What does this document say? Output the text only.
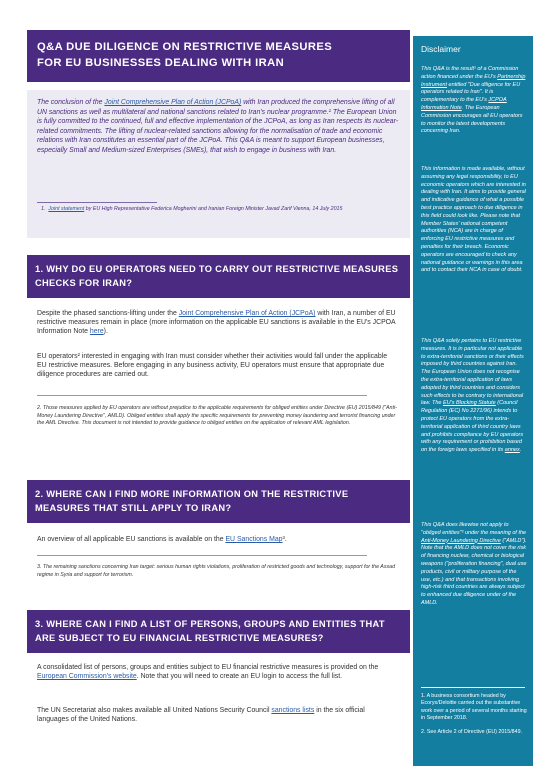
Q&A DUE DILIGENCE ON RESTRICTIVE MEASURES
FOR EU BUSINESSES DEALING WITH IRAN
The conclusion of the Joint Comprehensive Plan of Action (JCPoA) with Iran produced the comprehensive lifting of all UN sanctions as well as multilateral and national sanctions related to Iran's nuclear programme.¹ The European Union is fully committed to the continued, full and effective implementation of the JCPoA, as long as Iran respects its nuclear-related commitments. The lifting of nuclear-related sanctions allowing for the normalisation of trade and economic relations with Iran constitutes an essential part of the JCPoA. This Q&A is meant to support European businesses, especially Small and Medium-sized Enterprises (SMEs), that wish to engage in business with Iran.
1. Joint statement by EU High Representative Federica Mogherini and Iranian Foreign Minister Javad Zarif Vienna, 14 July 2015
1. WHY DO EU OPERATORS NEED TO CARRY OUT RESTRICTIVE MEASURES CHECKS FOR IRAN?
Despite the phased sanctions-lifting under the Joint Comprehensive Plan of Action (JCPoA) with Iran, a number of EU restrictive measures remain in place (more information on the applicable EU sanctions is available in the EU's JCPOA Information Note here).
EU operators² interested in engaging with Iran must consider whether their activities would fall under the applicable EU restrictive measures. Before engaging in any business activity, EU operators must ensure that appropriate due diligence procedures are carried out.
2. Those measures applied by EU operators are without prejudice to the applicable requirements for obliged entities under Directive (EU) 2015/849 ("Anti-Money Laundering Directive", AMLD). Obliged entities shall apply the specific requirements for preventing money laundering and terrorist financing under the AML Directive. This document is not intended to provide guidance to obliged entities on the application of relevant AML legislation.
2. WHERE CAN I FIND MORE INFORMATION ON THE RESTRICTIVE MEASURES THAT STILL APPLY TO IRAN?
An overview of all applicable EU sanctions is available on the EU Sanctions Map³.
3. The remaining sanctions concerning Iran target: serious human rights violations, proliferation of restricted goods and technology, support for the Assad regime in Syria and support for terrorism.
3. WHERE CAN I FIND A LIST OF PERSONS, GROUPS AND ENTITIES THAT ARE SUBJECT TO EU FINANCIAL RESTRICTIVE MEASURES?
A consolidated list of persons, groups and entities subject to EU financial restrictive measures is provided on the European Commission's website. Note that you will need to create an EU login to access the full list.
The UN Secretariat also makes available all United Nations Security Council sanctions lists in the six official languages of the United Nations.
Disclaimer
This Q&A is the result¹ of a Commission action financed under the EU's Partnership Instrument entitled "Due diligence for EU operators related to Iran". It is complementary to the EU's JCPOA Information Note. The European Commission encourages all EU operators to monitor the latest developments concerning Iran.
This information is made available, without assuming any legal responsibility, to EU economic operators which are interested in dealing with Iran. It aims to provide general and indicative guidance of what a possible best practice approach to due diligence in this field could look like. Please note that Member States' national competent authorities (NCA) are in charge of enforcing EU restrictive measures and penalties for their breach. Economic operators are encouraged to check any national guidance or warnings in this area and to contact their NCA in case of doubt.
This Q&A solely pertains to EU restrictive measures. It is in particular not applicable to extra-territorial sanctions or their effects imposed by third countries against Iran. The European Union does not recognise the extra-territorial application of laws adopted by third countries and considers such effects to be contrary to international law. The EU's Blocking Statute (Council Regulation (EC) No 2271/96) intends to protect EU operators from the extra-territorial application of third country laws and prohibits compliance by EU operators with any requirement or prohibition based on the foreign laws specified in its annex.
This Q&A does likewise not apply to "obliged entities"² under the meaning of the Anti-Money Laundering Directive ("AMLD"). Note that the AMLD does not cover the risk of financing nuclear, chemical or biological weapons ("proliferation financing", dual use products, civil or military purpose of the use, etc.) and that transactions involving high-risk third countries are always subject to enhanced due diligence under of the AMLD.
1. A business consortium headed by Ecorys/Deloitte carried out the substantive work over a period of several months starting in September 2018.
2. See Article 2 of Directive (EU) 2015/849.
